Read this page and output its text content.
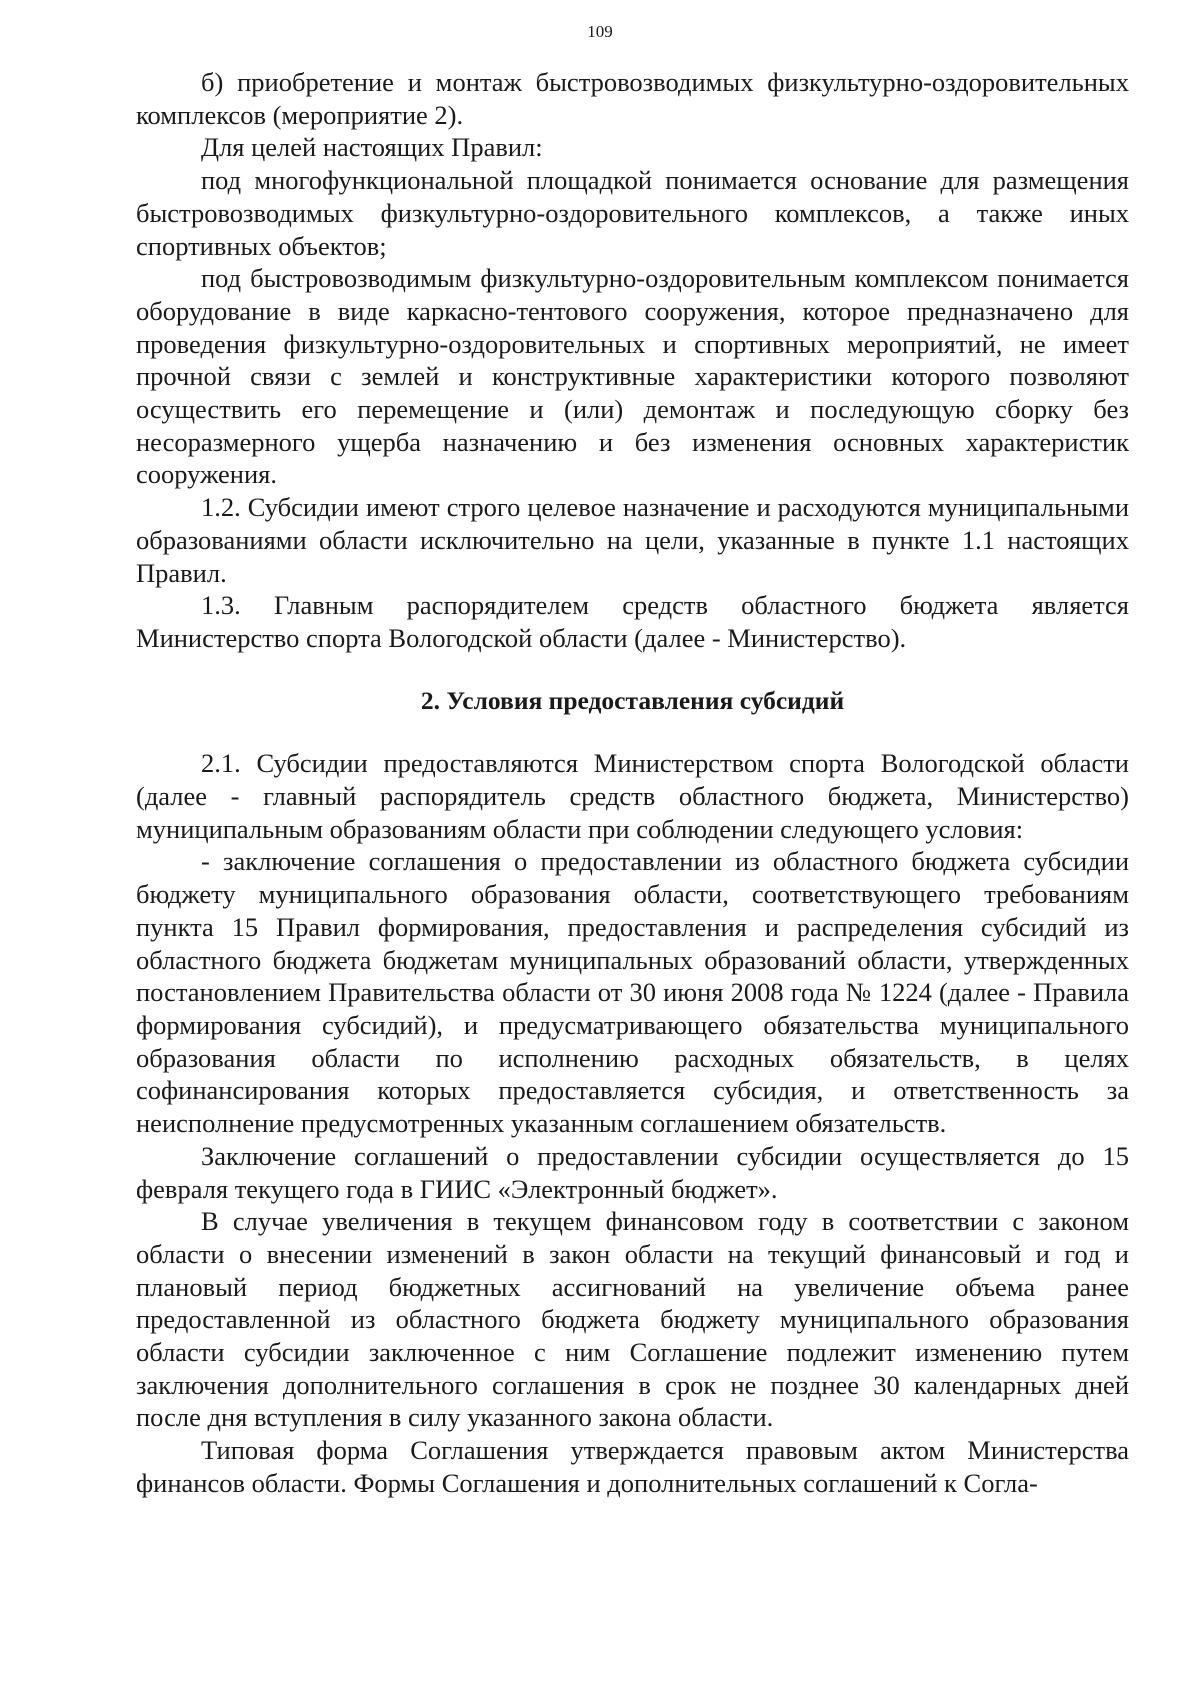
109

б) приобретение и монтаж быстровозводимых физкультурно-оздоровительных комплексов (мероприятие 2).

Для целей настоящих Правил:

под многофункциональной площадкой понимается основание для размещения быстровозводимых физкультурно-оздоровительного комплексов, а также иных спортивных объектов;

под быстровозводимым физкультурно-оздоровительным комплексом понимается оборудование в виде каркасно-тентового сооружения, которое предназначено для проведения физкультурно-оздоровительных и спортивных мероприятий, не имеет прочной связи с землей и конструктивные характеристики которого позволяют осуществить его перемещение и (или) демонтаж и последующую сборку без несоразмерного ущерба назначению и без изменения основных характеристик сооружения.

1.2. Субсидии имеют строго целевое назначение и расходуются муниципальными образованиями области исключительно на цели, указанные в пункте 1.1 настоящих Правил.

1.3. Главным распорядителем средств областного бюджета является Министерство спорта Вологодской области (далее - Министерство).

2. Условия предоставления субсидий

2.1. Субсидии предоставляются Министерством спорта Вологодской области (далее - главный распорядитель средств областного бюджета, Министерство) муниципальным образованиям области при соблюдении следующего условия:

- заключение соглашения о предоставлении из областного бюджета субсидии бюджету муниципального образования области, соответствующего требованиям пункта 15 Правил формирования, предоставления и распределения субсидий из областного бюджета бюджетам муниципальных образований области, утвержденных постановлением Правительства области от 30 июня 2008 года № 1224 (далее - Правила формирования субсидий), и предусматривающего обязательства муниципального образования области по исполнению расходных обязательств, в целях софинансирования которых предоставляется субсидия, и ответственность за неисполнение предусмотренных указанным соглашением обязательств.

Заключение соглашений о предоставлении субсидии осуществляется до 15 февраля текущего года в ГИИС «Электронный бюджет».

В случае увеличения в текущем финансовом году в соответствии с законом области о внесении изменений в закон области на текущий финансовый и год и плановый период бюджетных ассигнований на увеличение объема ранее предоставленной из областного бюджета бюджету муниципального образования области субсидии заключенное с ним Соглашение подлежит изменению путем заключения дополнительного соглашения в срок не позднее 30 календарных дней после дня вступления в силу указанного закона области.

Типовая форма Соглашения утверждается правовым актом Министерства финансов области. Формы Соглашения и дополнительных соглашений к Согла-
